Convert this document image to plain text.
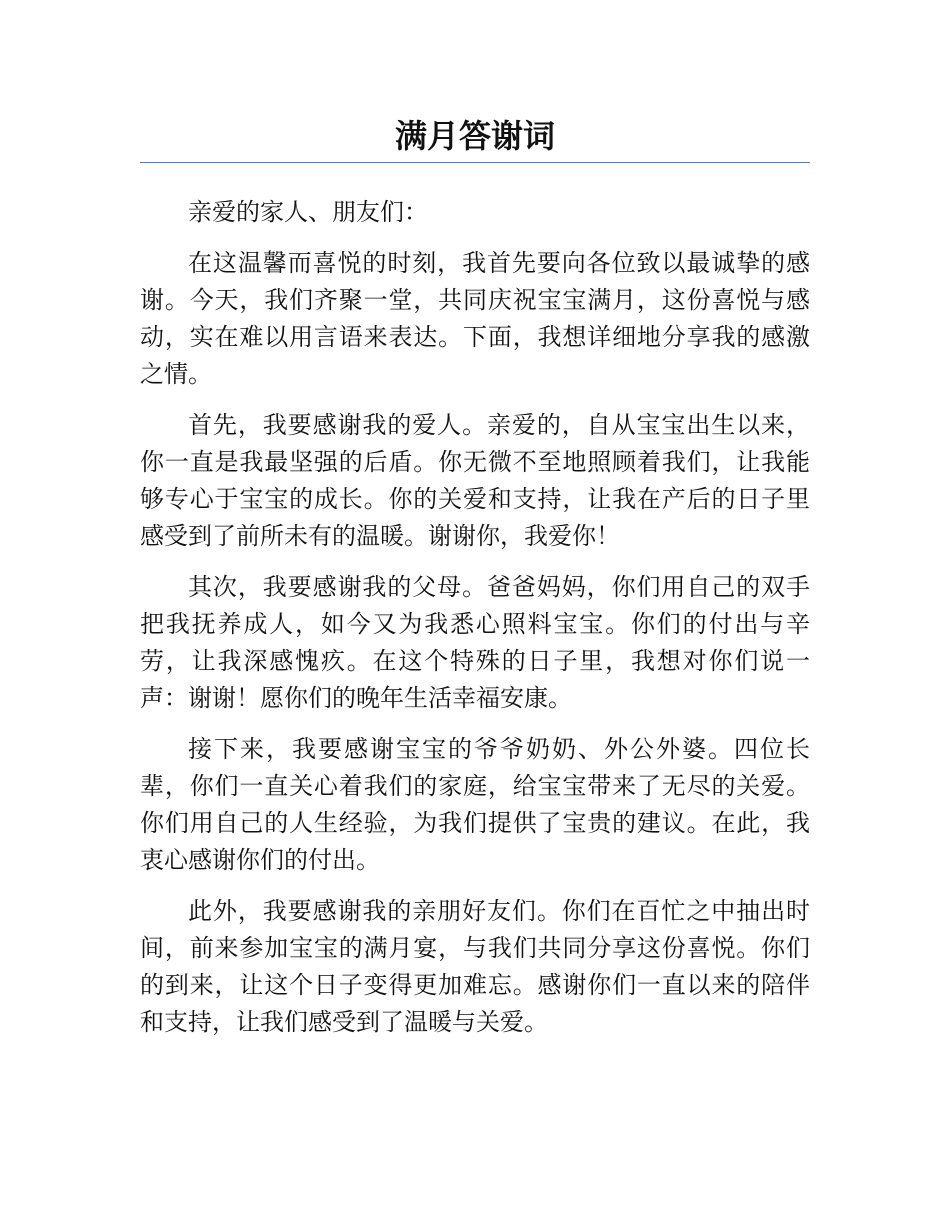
满月答谢词

亲爱的家人、朋友们：

在这温馨而喜悦的时刻，我首先要向各位致以最诚挚的感谢。今天，我们齐聚一堂，共同庆祝宝宝满月，这份喜悦与感动，实在难以用言语来表达。下面，我想详细地分享我的感激之情。

首先，我要感谢我的爱人。亲爱的，自从宝宝出生以来，你一直是我最坚强的后盾。你无微不至地照顾着我们，让我能够专心于宝宝的成长。你的关爱和支持，让我在产后的日子里感受到了前所未有的温暖。谢谢你，我爱你！

其次，我要感谢我的父母。爸爸妈妈，你们用自己的双手把我抚养成人，如今又为我悉心照料宝宝。你们的付出与辛劳，让我深感愧疚。在这个特殊的日子里，我想对你们说一声：谢谢！愿你们的晚年生活幸福安康。

接下来，我要感谢宝宝的爷爷奶奶、外公外婆。四位长辈，你们一直关心着我们的家庭，给宝宝带来了无尽的关爱。你们用自己的人生经验，为我们提供了宝贵的建议。在此，我衷心感谢你们的付出。

此外，我要感谢我的亲朋好友们。你们在百忙之中抽出时间，前来参加宝宝的满月宴，与我们共同分享这份喜悦。你们的到来，让这个日子变得更加难忘。感谢你们一直以来的陪伴和支持，让我们感受到了温暖与关爱。
